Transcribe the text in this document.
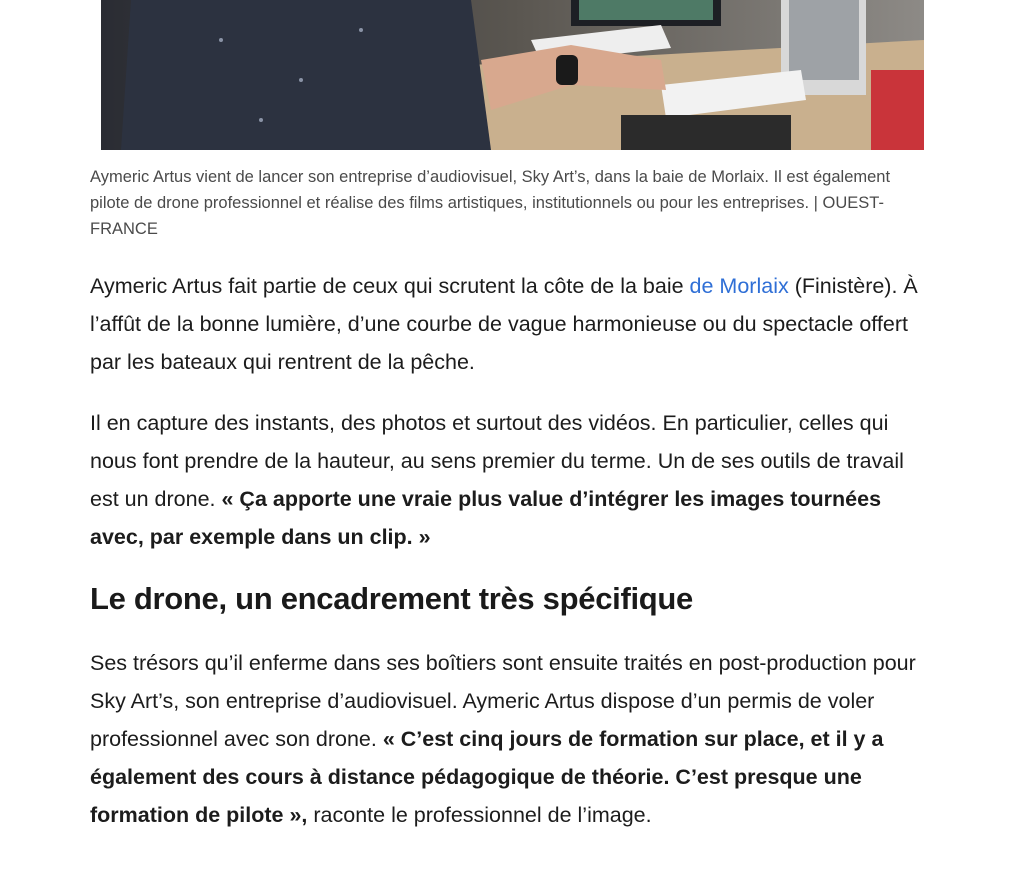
Aymeric Artus vient de lancer son entreprise d’audiovisuel, Sky Art’s, dans la baie de Morlaix. Il est également pilote de drone professionnel et réalise des films artistiques, institutionnels ou pour les entreprises. | OUEST-FRANCE

Aymeric Artus fait partie de ceux qui scrutent la côte de la baie de Morlaix (Finistère). À l’affût de la bonne lumière, d’une courbe de vague harmonieuse ou du spectacle offert par les bateaux qui rentrent de la pêche.

Il en capture des instants, des photos et surtout des vidéos. En particulier, celles qui nous font prendre de la hauteur, au sens premier du terme. Un de ses outils de travail est un drone. « Ça apporte une vraie plus value d’intégrer les images tournées avec, par exemple dans un clip. »

Le drone, un encadrement très spécifique

Ses trésors qu’il enferme dans ses boîtiers sont ensuite traités en post-production pour Sky Art’s, son entreprise d’audiovisuel. Aymeric Artus dispose d’un permis de voler professionnel avec son drone. « C’est cinq jours de formation sur place, et il y a également des cours à distance pédagogique de théorie. C’est presque une formation de pilote », raconte le professionnel de l’image.
